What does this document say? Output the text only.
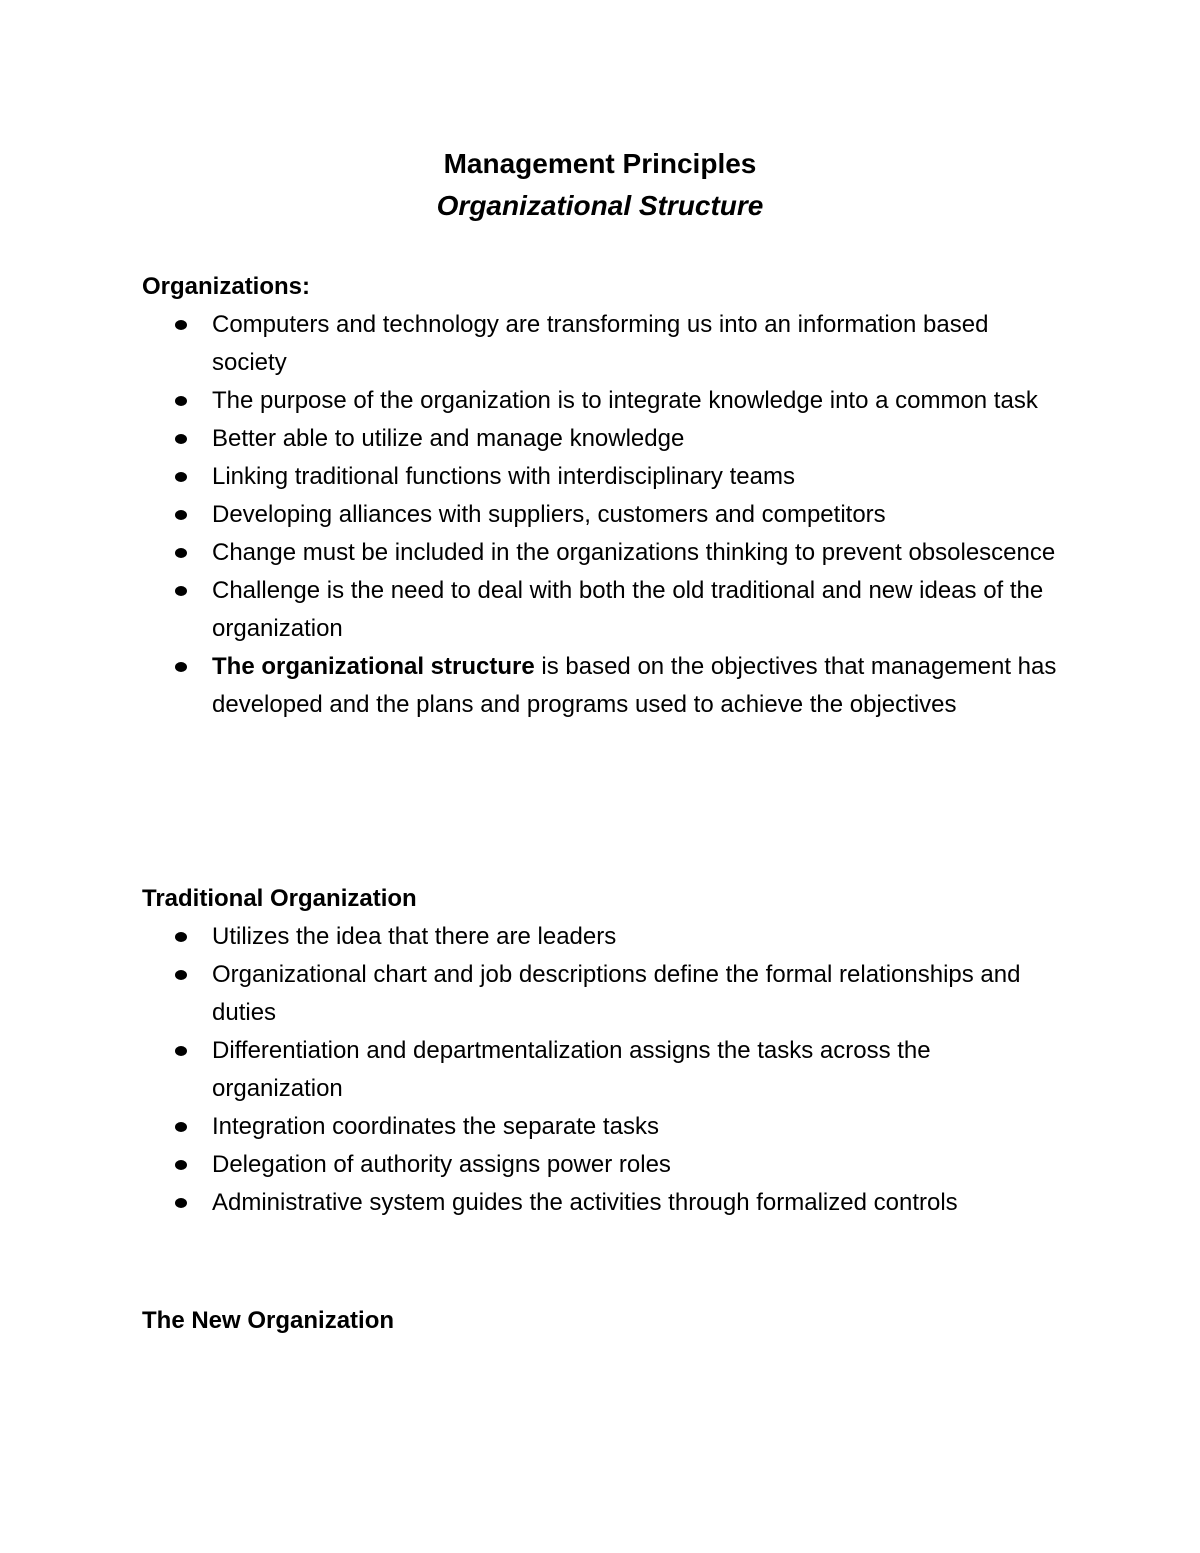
Management Principles

Organizational Structure

Organizations:

Computers and technology are transforming us into an information based society
The purpose of the organization is to integrate knowledge into a common task
Better able to utilize and manage knowledge
Linking traditional functions with interdisciplinary teams
Developing alliances with suppliers, customers and competitors
Change must be included in the organizations thinking to prevent obsolescence
Challenge is the need to deal with both the old traditional and new ideas of the organization
The organizational structure is based on the objectives that management has developed and the plans and programs used to achieve the objectives

Traditional Organization

Utilizes the idea that there are leaders
Organizational chart and job descriptions define the formal relationships and duties
Differentiation and departmentalization assigns the tasks across the organization
Integration coordinates the separate tasks
Delegation of authority assigns power roles
Administrative system guides the activities through formalized controls

The New Organization
